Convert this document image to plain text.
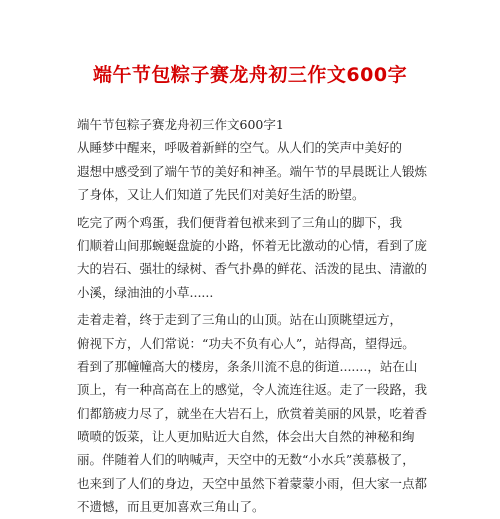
端午节包粽子赛龙舟初三作文600字
端午节包粽子赛龙舟初三作文600字1
从睡梦中醒来，呼吸着新鲜的空气。从人们的笑声中美好的
遐想中感受到了端午节的美好和神圣。端午节的早晨既让人锻炼
了身体，又让人们知道了先民们对美好生活的盼望。
吃完了两个鸡蛋，我们便背着包袱来到了三角山的脚下，我
们顺着山间那蜿蜒盘旋的小路，怀着无比激动的心情，看到了庞
大的岩石、强壮的绿树、香气扑鼻的鲜花、活泼的昆虫、清澈的
小溪，绿油油的小草......
走着走着，终于走到了三角山的山顶。站在山顶眺望远方，
俯视下方，人们常说：“功夫不负有心人”，站得高，望得远。
看到了那幢幢高大的楼房，条条川流不息的街道.......，站在山
顶上，有一种高高在上的感觉，令人流连往返。走了一段路，我
们都筋疲力尽了，就坐在大岩石上，欣赏着美丽的风景，吃着香
喷喷的饭菜，让人更加贴近大自然，体会出大自然的神秘和绚
丽。伴随着人们的呐喊声，天空中的无数“小水兵”羡慕极了，
也来到了人们的身边，天空中虽然下着蒙蒙小雨，但大家一点都
不遗憾，而且更加喜欢三角山了。
